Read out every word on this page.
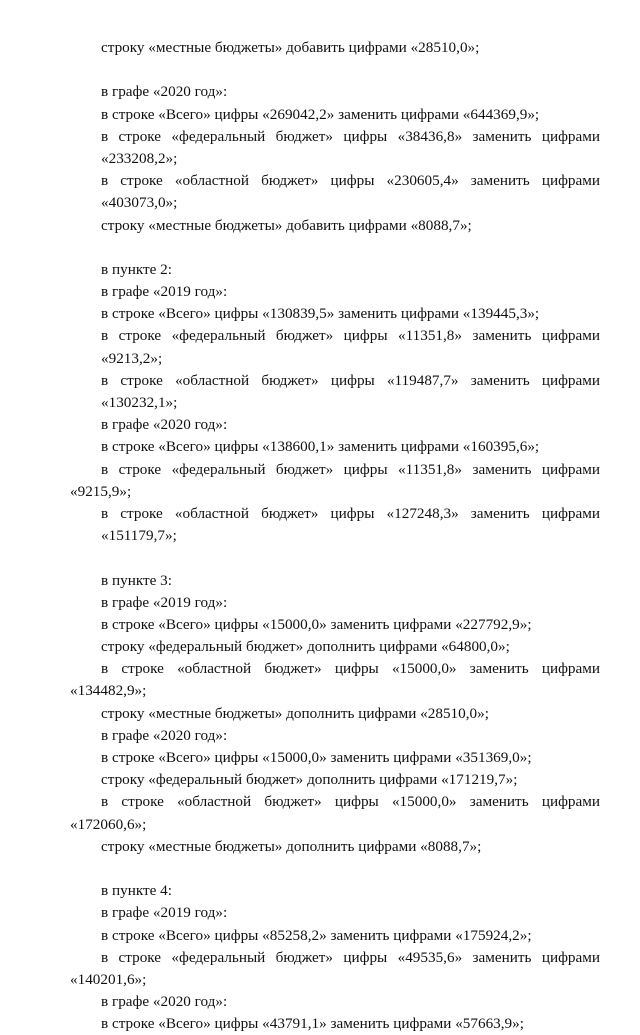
строку «местные бюджеты» добавить цифрами «28510,0»;
в графе «2020 год»:
в строке «Всего» цифры «269042,2» заменить цифрами «644369,9»;
в строке «федеральный бюджет» цифры «38436,8» заменить цифрами
«233208,2»;
в строке «областной бюджет» цифры «230605,4» заменить цифрами
«403073,0»;
строку «местные бюджеты» добавить цифрами «8088,7»;
в пункте 2:
в графе «2019 год»:
в строке «Всего» цифры «130839,5» заменить цифрами «139445,3»;
в строке «федеральный бюджет» цифры «11351,8» заменить цифрами
«9213,2»;
в строке «областной бюджет» цифры «119487,7» заменить цифрами
«130232,1»;
в графе «2020 год»:
в строке «Всего» цифры «138600,1» заменить цифрами «160395,6»;
в строке «федеральный бюджет» цифры «11351,8» заменить цифрами
«9215,9»;
в строке «областной бюджет» цифры «127248,3» заменить цифрами
«151179,7»;
в пункте 3:
в графе «2019 год»:
в строке «Всего» цифры «15000,0» заменить цифрами «227792,9»;
строку «федеральный бюджет» дополнить цифрами «64800,0»;
в строке «областной бюджет» цифры «15000,0» заменить цифрами
«134482,9»;
строку «местные бюджеты» дополнить цифрами «28510,0»;
в графе «2020 год»:
в строке «Всего» цифры «15000,0» заменить цифрами «351369,0»;
строку «федеральный бюджет» дополнить цифрами «171219,7»;
в строке «областной бюджет» цифры «15000,0» заменить цифрами
«172060,6»;
строку «местные бюджеты» дополнить цифрами «8088,7»;
в пункте 4:
в графе «2019 год»:
в строке «Всего» цифры «85258,2» заменить цифрами «175924,2»;
в строке «федеральный бюджет» цифры «49535,6» заменить цифрами
«140201,6»;
в графе «2020 год»:
в строке «Всего» цифры «43791,1» заменить цифрами «57663,9»;
